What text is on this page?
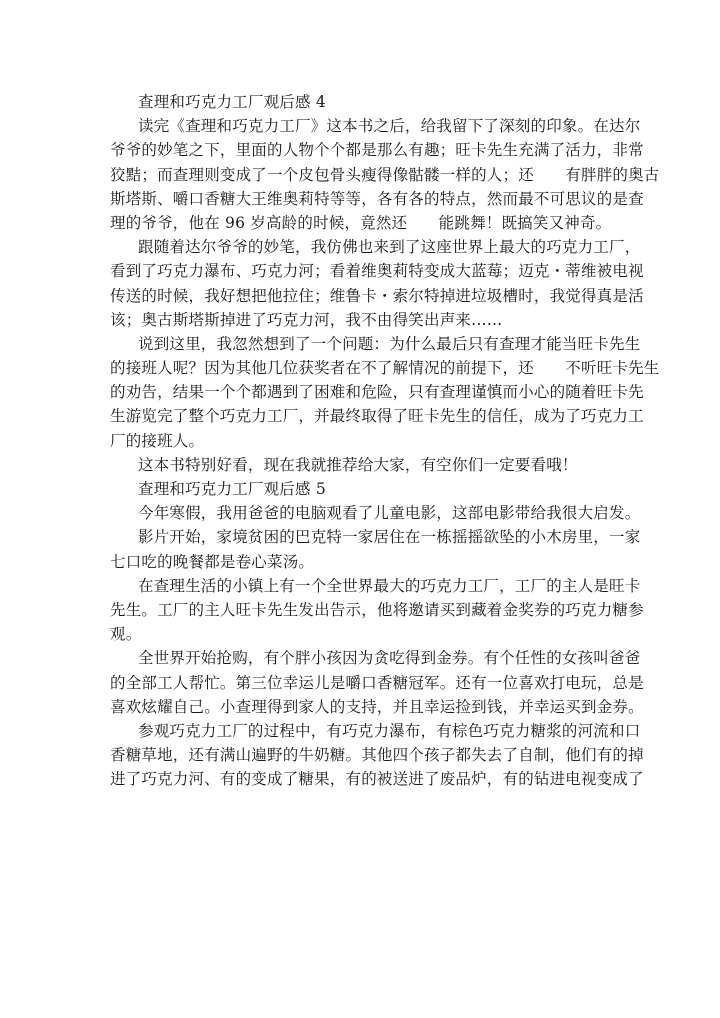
查理和巧克力工厂观后感 4
读完《查理和巧克力工厂》这本书之后，给我留下了深刻的印象。在达尔
爷爷的妙笔之下，里面的人物个个都是那么有趣；旺卡先生充满了活力，非常
狡黠；而查理则变成了一个皮包骨头瘦得像骷髅一样的人；还　　有胖胖的奥古
斯塔斯、嚼口香糖大王维奥莉特等等，各有各的特点，然而最不可思议的是查
理的爷爷，他在 96 岁高龄的时候，竟然还　　能跳舞！既搞笑又神奇。
跟随着达尔爷爷的妙笔，我仿佛也来到了这座世界上最大的巧克力工厂，
看到了巧克力瀑布、巧克力河；看着维奥莉特变成大蓝莓；迈克・蒂维被电视
传送的时候，我好想把他拉住；维鲁卡・索尔特掉进垃圾槽时，我觉得真是活
该；奥古斯塔斯掉进了巧克力河，我不由得笑出声来……
说到这里，我忽然想到了一个问题：为什么最后只有查理才能当旺卡先生
的接班人呢？因为其他几位获奖者在不了解情况的前提下，还　　不听旺卡先生
的劝告，结果一个个都遇到了困难和危险，只有查理谨慎而小心的随着旺卡先
生游览完了整个巧克力工厂，并最终取得了旺卡先生的信任，成为了巧克力工
厂的接班人。
这本书特别好看，现在我就推荐给大家，有空你们一定要看哦！
查理和巧克力工厂观后感 5
今年寒假，我用爸爸的电脑观看了儿童电影，这部电影带给我很大启发。
影片开始，家境贫困的巴克特一家居住在一栋摇摇欲坠的小木房里，一家
七口吃的晚餐都是卷心菜汤。
在查理生活的小镇上有一个全世界最大的巧克力工厂，工厂的主人是旺卡
先生。工厂的主人旺卡先生发出告示，他将邀请买到藏着金奖券的巧克力糖参
观。
全世界开始抢购，有个胖小孩因为贪吃得到金券。有个任性的女孩叫爸爸
的全部工人帮忙。第三位幸运儿是嚼口香糖冠军。还有一位喜欢打电玩，总是
喜欢炫耀自己。小查理得到家人的支持，并且幸运捡到钱，并幸运买到金券。
参观巧克力工厂的过程中，有巧克力瀑布，有棕色巧克力糖浆的河流和口
香糖草地，还有满山遍野的牛奶糖。其他四个孩子都失去了自制，他们有的掉
进了巧克力河、有的变成了糖果，有的被送进了废品炉，有的钻进电视变成了
